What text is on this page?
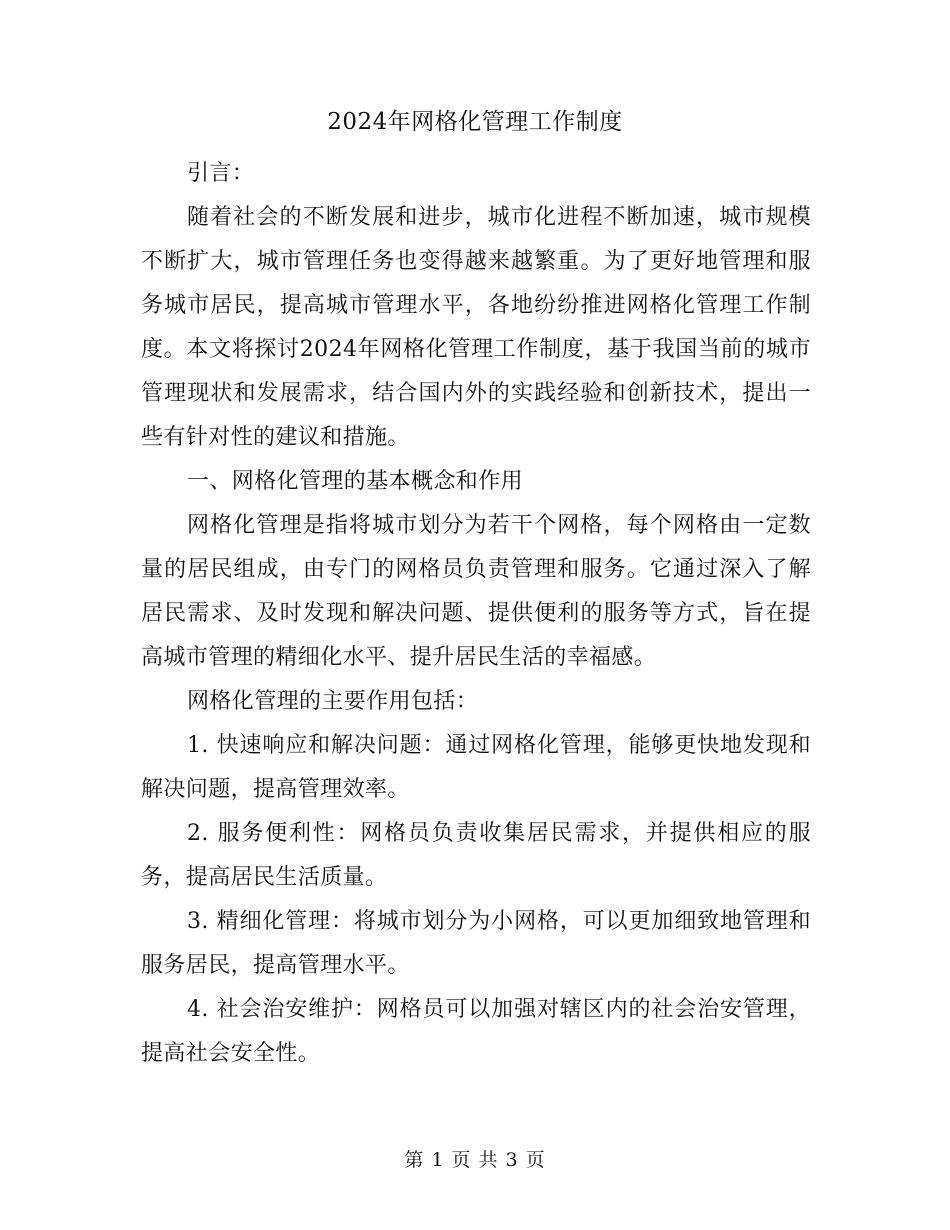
2024年网格化管理工作制度

引言：

随着社会的不断发展和进步，城市化进程不断加速，城市规模不断扩大，城市管理任务也变得越来越繁重。为了更好地管理和服务城市居民，提高城市管理水平，各地纷纷推进网格化管理工作制度。本文将探讨2024年网格化管理工作制度，基于我国当前的城市管理现状和发展需求，结合国内外的实践经验和创新技术，提出一些有针对性的建议和措施。

一、网格化管理的基本概念和作用

网格化管理是指将城市划分为若干个网格，每个网格由一定数量的居民组成，由专门的网格员负责管理和服务。它通过深入了解居民需求、及时发现和解决问题、提供便利的服务等方式，旨在提高城市管理的精细化水平、提升居民生活的幸福感。

网格化管理的主要作用包括：

1. 快速响应和解决问题：通过网格化管理，能够更快地发现和解决问题，提高管理效率。

2. 服务便利性：网格员负责收集居民需求，并提供相应的服务，提高居民生活质量。

3. 精细化管理：将城市划分为小网格，可以更加细致地管理和服务居民，提高管理水平。

4. 社会治安维护：网格员可以加强对辖区内的社会治安管理，提高社会安全性。

第 1 页 共 3 页
